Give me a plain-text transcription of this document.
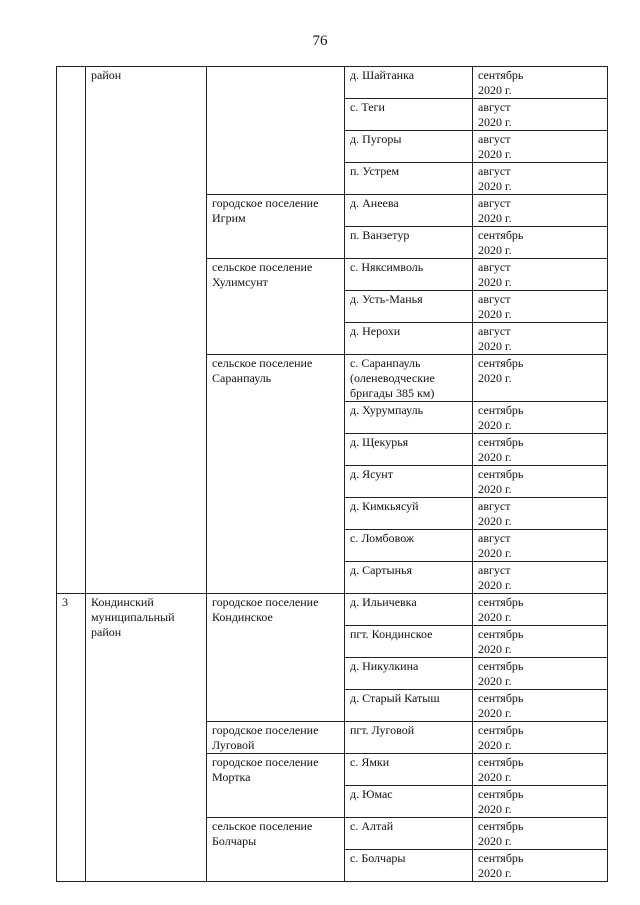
76

	район		д. Шайтанка	сентябрь
2020 г.

			с. Теги	август
2020 г.

			д. Пугоры	август
2020 г.

			п. Устрем	август
2020 г.

		городское поселение
Игрим	д. Анеева	август
2020 г.

			п. Ванзетур	сентябрь
2020 г.

		сельское поселение
Хулимсунт	с. Няксимволь	август
2020 г.

			д. Усть-Манья	август
2020 г.

			д. Нерохи	август
2020 г.

		сельское поселение
Саранпауль	с. Саранпауль
(оленеводческие
бригады 385 км)	сентябрь
2020 г.

			д. Хурумпауль	сентябрь
2020 г.

			д. Щекурья	сентябрь
2020 г.

			д. Ясунт	сентябрь
2020 г.

			д. Кимкьясуй	август
2020 г.

			с. Ломбовож	август
2020 г.

			д. Сартынья	август
2020 г.

3	Кондинский
муниципальный
район	городское поселение
Кондинское	д. Ильичевка	сентябрь
2020 г.

			пгт. Кондинское	сентябрь
2020 г.

			д. Никулкина	сентябрь
2020 г.

			д. Старый Катыш	сентябрь
2020 г.

		городское поселение
Луговой	пгт. Луговой	сентябрь
2020 г.

		городское поселение
Мортка	с. Ямки	сентябрь
2020 г.

			д. Юмас	сентябрь
2020 г.

		сельское поселение
Болчары	с. Алтай	сентябрь
2020 г.

			с. Болчары	сентябрь
2020 г.
